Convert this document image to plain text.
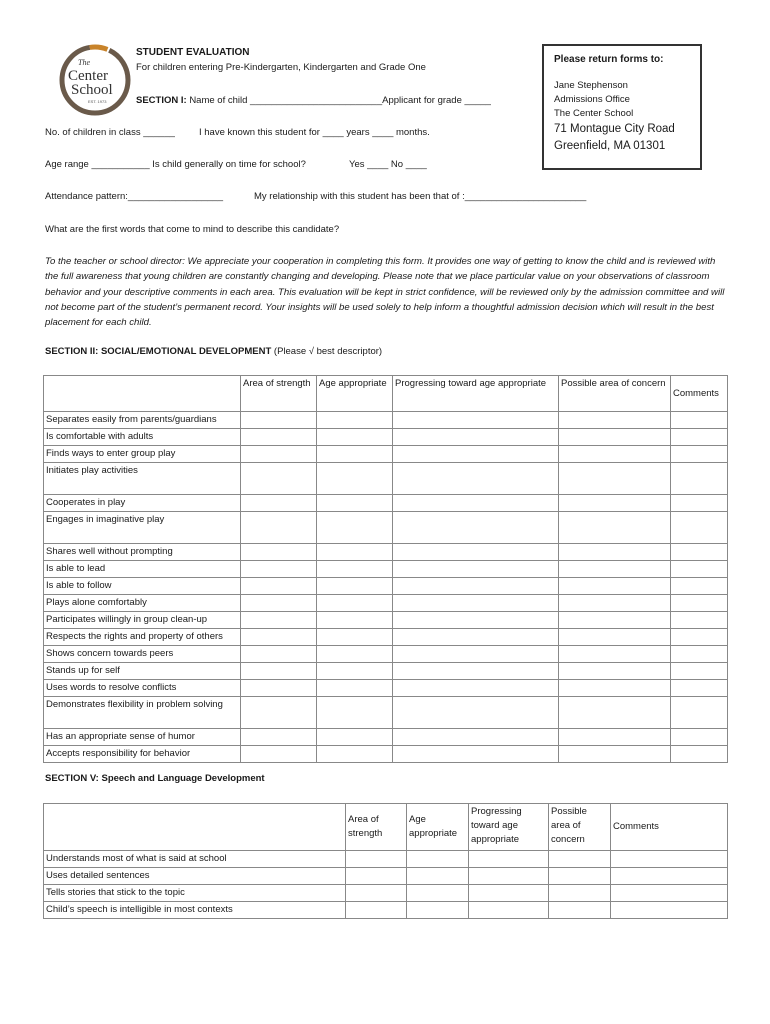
The
Center
School
EST. 1973
STUDENT EVALUATION
For children entering Pre-Kindergarten, Kindergarten and Grade One
SECTION I: Name of child _________________________Applicant for grade _____
No. of children in class ______	I have known this student for ____ years ____ months.
Age range ___________ Is child generally on time for school?	Yes ____ No ____
Attendance pattern:__________________	My relationship with this student has been that of :_______________________
What are the first words that come to mind to describe this candidate?
Please return forms to:
Jane Stephenson
Admissions Office
The Center School
71 Montague City Road
Greenfield, MA 01301
To the teacher or school director: We appreciate your cooperation in completing this form. It provides one way of getting to know the child and is reviewed with the full awareness that young children are constantly changing and developing. Please note that we place particular value on your observations of classroom behavior and your descriptive comments in each area. This evaluation will be kept in strict confidence, will be reviewed only by the admission committee and will not become part of the student’s permanent record. Your insights will be used solely to help inform a thoughtful admission decision which will result in the best placement for each child.
SECTION II: SOCIAL/EMOTIONAL DEVELOPMENT (Please √ best descriptor)
	Area of strength	Age appropriate	Progressing toward age appropriate	Possible area of concern	Comments
Separates easily from parents/guardians					
Is comfortable with adults					
Finds ways to enter group play					
Initiates play activities					
Cooperates in play					
Engages in imaginative play					
Shares well without prompting					
Is able to lead					
Is able to follow					
Plays alone comfortably					
Participates willingly in group clean-up					
Respects the rights and property of others					
Shows concern towards peers					
Stands up for self					
Uses words to resolve conflicts					
Demonstrates flexibility in problem solving					
Has an appropriate sense of humor					
Accepts responsibility for behavior					
SECTION V: Speech and Language Development
	Area of strength	Age appropriate	Progressing toward age appropriate	Possible area of concern	Comments
Understands most of what is said at school					
Uses detailed sentences					
Tells stories that stick to the topic					
Child’s speech is intelligible in most contexts					
